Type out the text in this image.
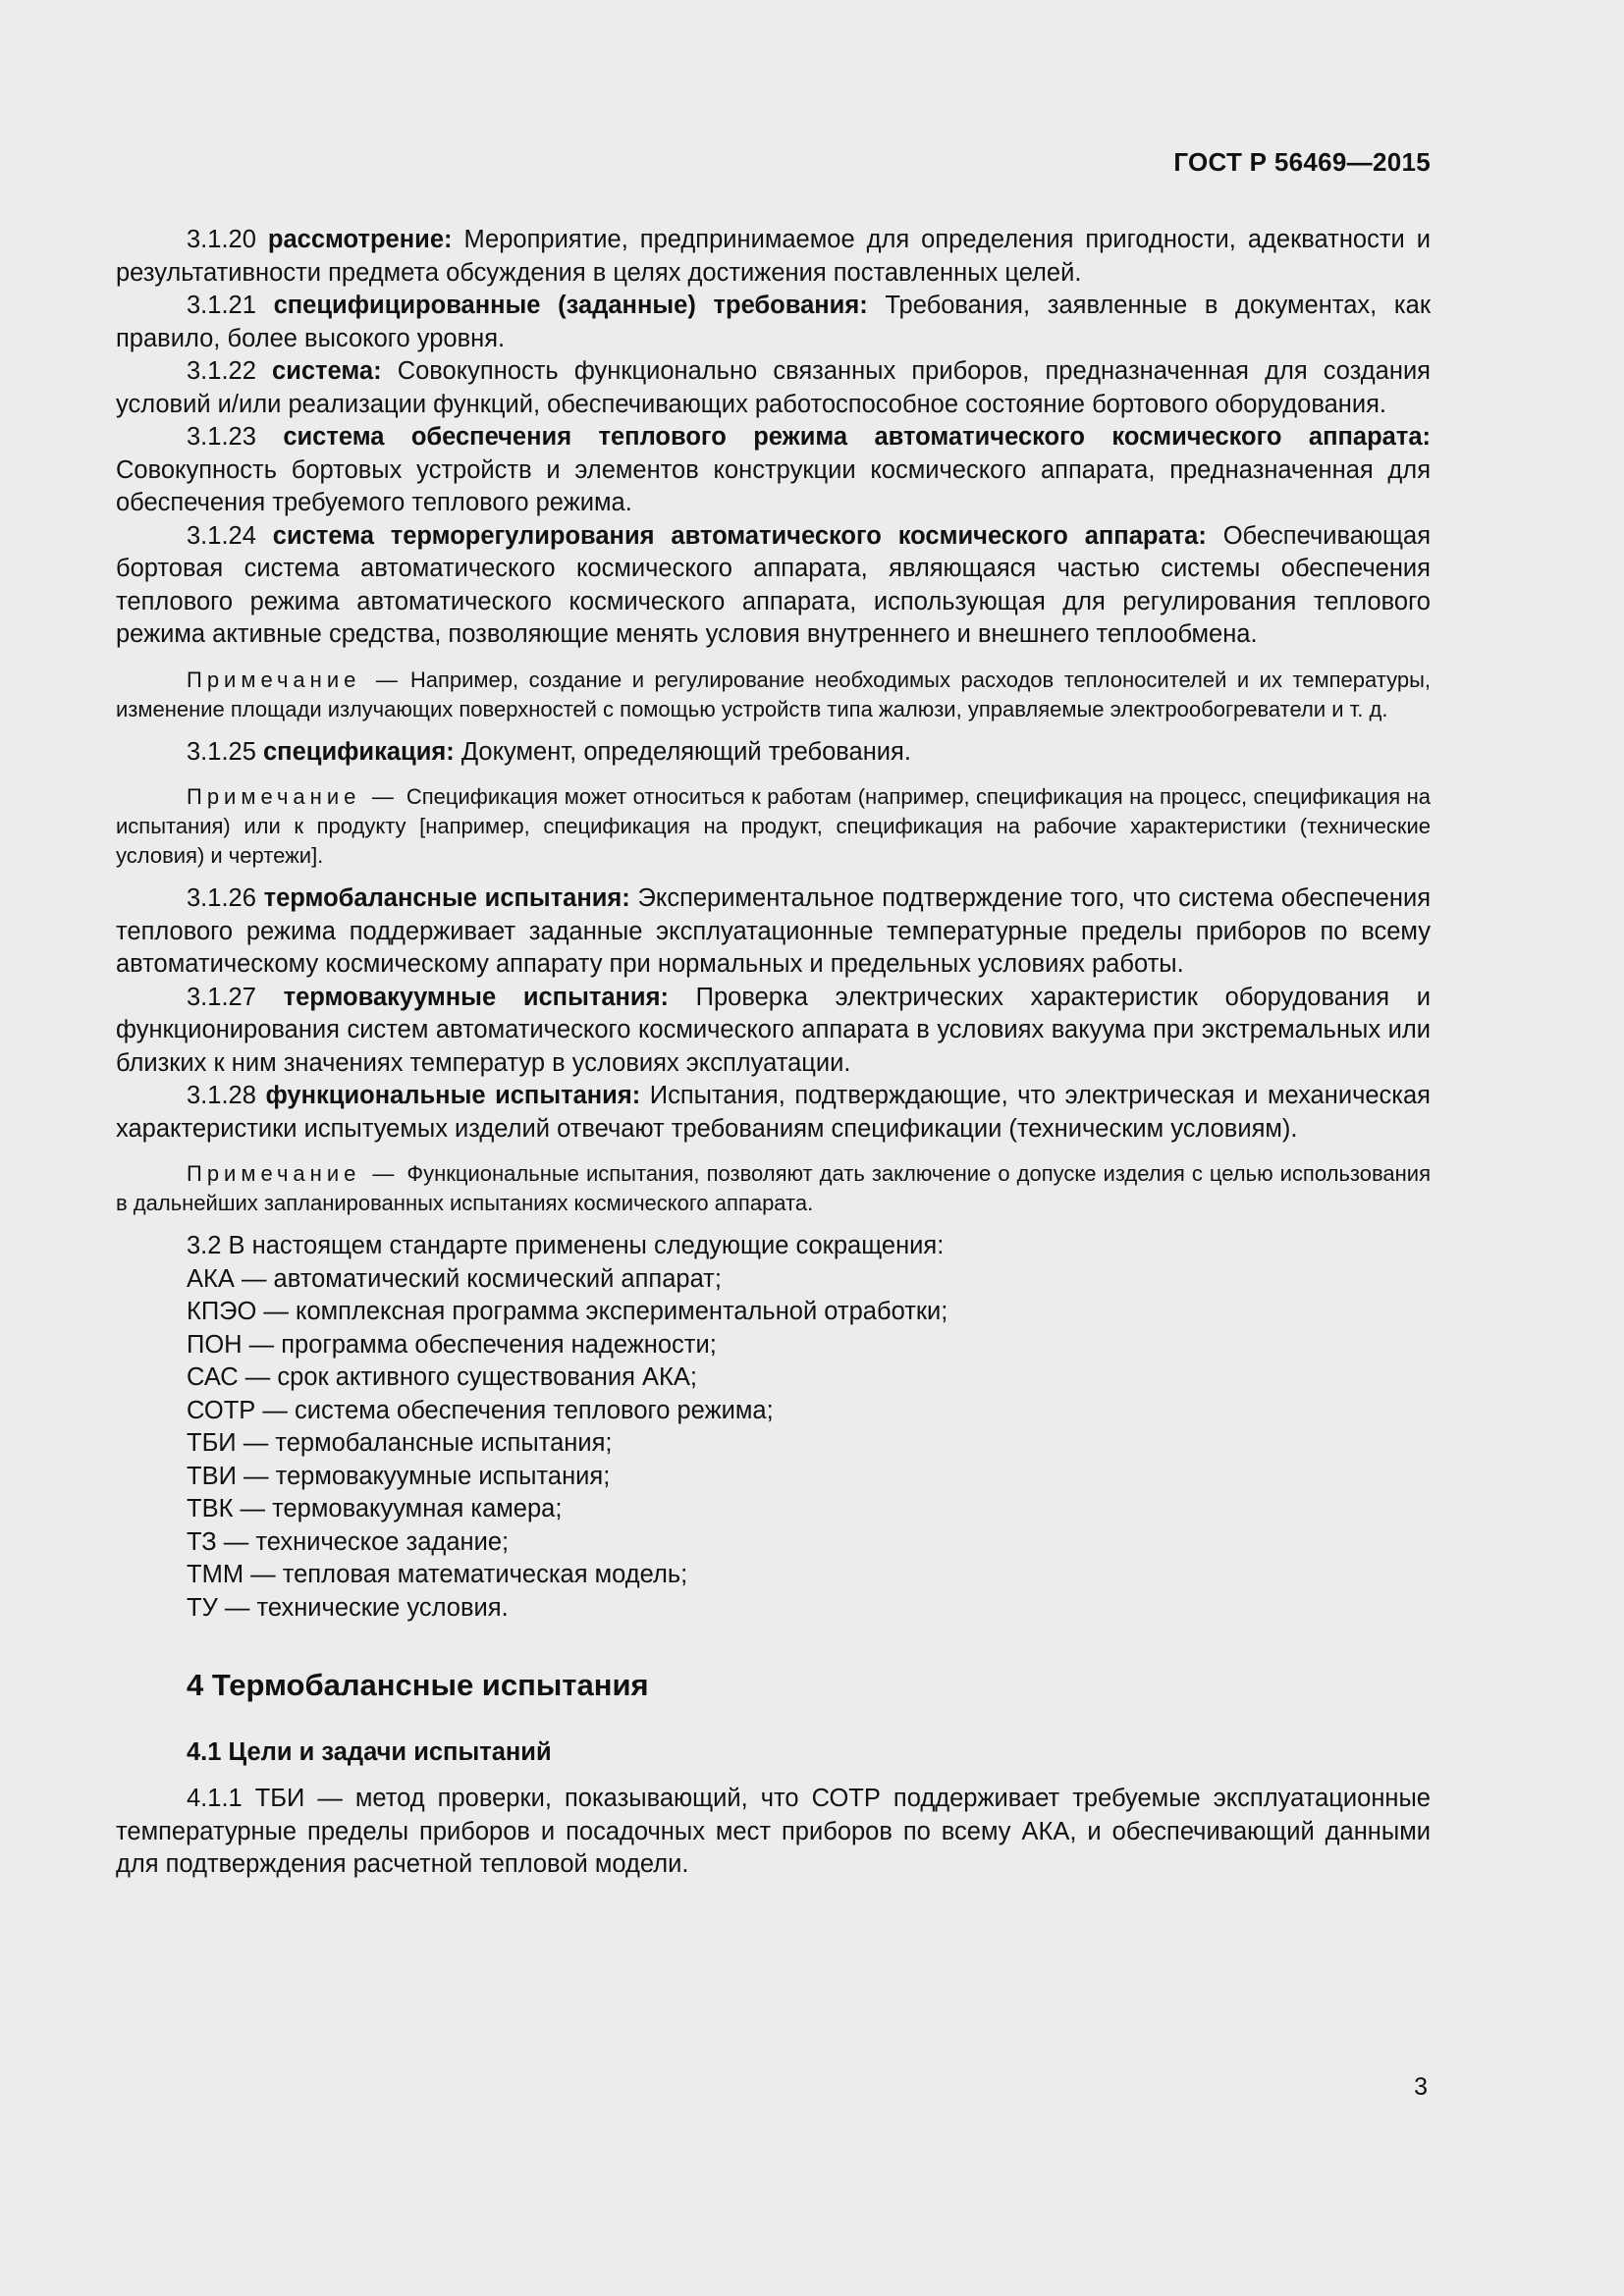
ГОСТ Р 56469—2015

3.1.20 рассмотрение: Мероприятие, предпринимаемое для определения пригодности, адекватности и результативности предмета обсуждения в целях достижения поставленных целей.

3.1.21 специфицированные (заданные) требования: Требования, заявленные в документах, как правило, более высокого уровня.

3.1.22 система: Совокупность функционально связанных приборов, предназначенная для создания условий и/или реализации функций, обеспечивающих работоспособное состояние бортового оборудования.

3.1.23 система обеспечения теплового режима автоматического космического аппарата: Совокупность бортовых устройств и элементов конструкции космического аппарата, предназначенная для обеспечения требуемого теплового режима.

3.1.24 система терморегулирования автоматического космического аппарата: Обеспечивающая бортовая система автоматического космического аппарата, являющаяся частью системы обеспечения теплового режима автоматического космического аппарата, использующая для регулирования теплового режима активные средства, позволяющие менять условия внутреннего и внешнего теплообмена.

Примечание — Например, создание и регулирование необходимых расходов теплоносителей и их температуры, изменение площади излучающих поверхностей с помощью устройств типа жалюзи, управляемые электрообогреватели и т. д.

3.1.25 спецификация: Документ, определяющий требования.

Примечание — Спецификация может относиться к работам (например, спецификация на процесс, спецификация на испытания) или к продукту [например, спецификация на продукт, спецификация на рабочие характеристики (технические условия) и чертежи].

3.1.26 термобалансные испытания: Экспериментальное подтверждение того, что система обеспечения теплового режима поддерживает заданные эксплуатационные температурные пределы приборов по всему автоматическому космическому аппарату при нормальных и предельных условиях работы.

3.1.27 термовакуумные испытания: Проверка электрических характеристик оборудования и функционирования систем автоматического космического аппарата в условиях вакуума при экстремальных или близких к ним значениях температур в условиях эксплуатации.

3.1.28 функциональные испытания: Испытания, подтверждающие, что электрическая и механическая характеристики испытуемых изделий отвечают требованиям спецификации (техническим условиям).

Примечание — Функциональные испытания, позволяют дать заключение о допуске изделия с целью использования в дальнейших запланированных испытаниях космического аппарата.

3.2 В настоящем стандарте применены следующие сокращения:

АКА — автоматический космический аппарат;
КПЭО — комплексная программа экспериментальной отработки;
ПОН — программа обеспечения надежности;
САС — срок активного существования АКА;
СОТР — система обеспечения теплового режима;
ТБИ — термобалансные испытания;
ТВИ — термовакуумные испытания;
ТВК — термовакуумная камера;
ТЗ — техническое задание;
ТММ — тепловая математическая модель;
ТУ — технические условия.
4 Термобалансные испытания
4.1 Цели и задачи испытаний

4.1.1 ТБИ — метод проверки, показывающий, что СОТР поддерживает требуемые эксплуатационные температурные пределы приборов и посадочных мест приборов по всему АКА, и обеспечивающий данными для подтверждения расчетной тепловой модели.

3
